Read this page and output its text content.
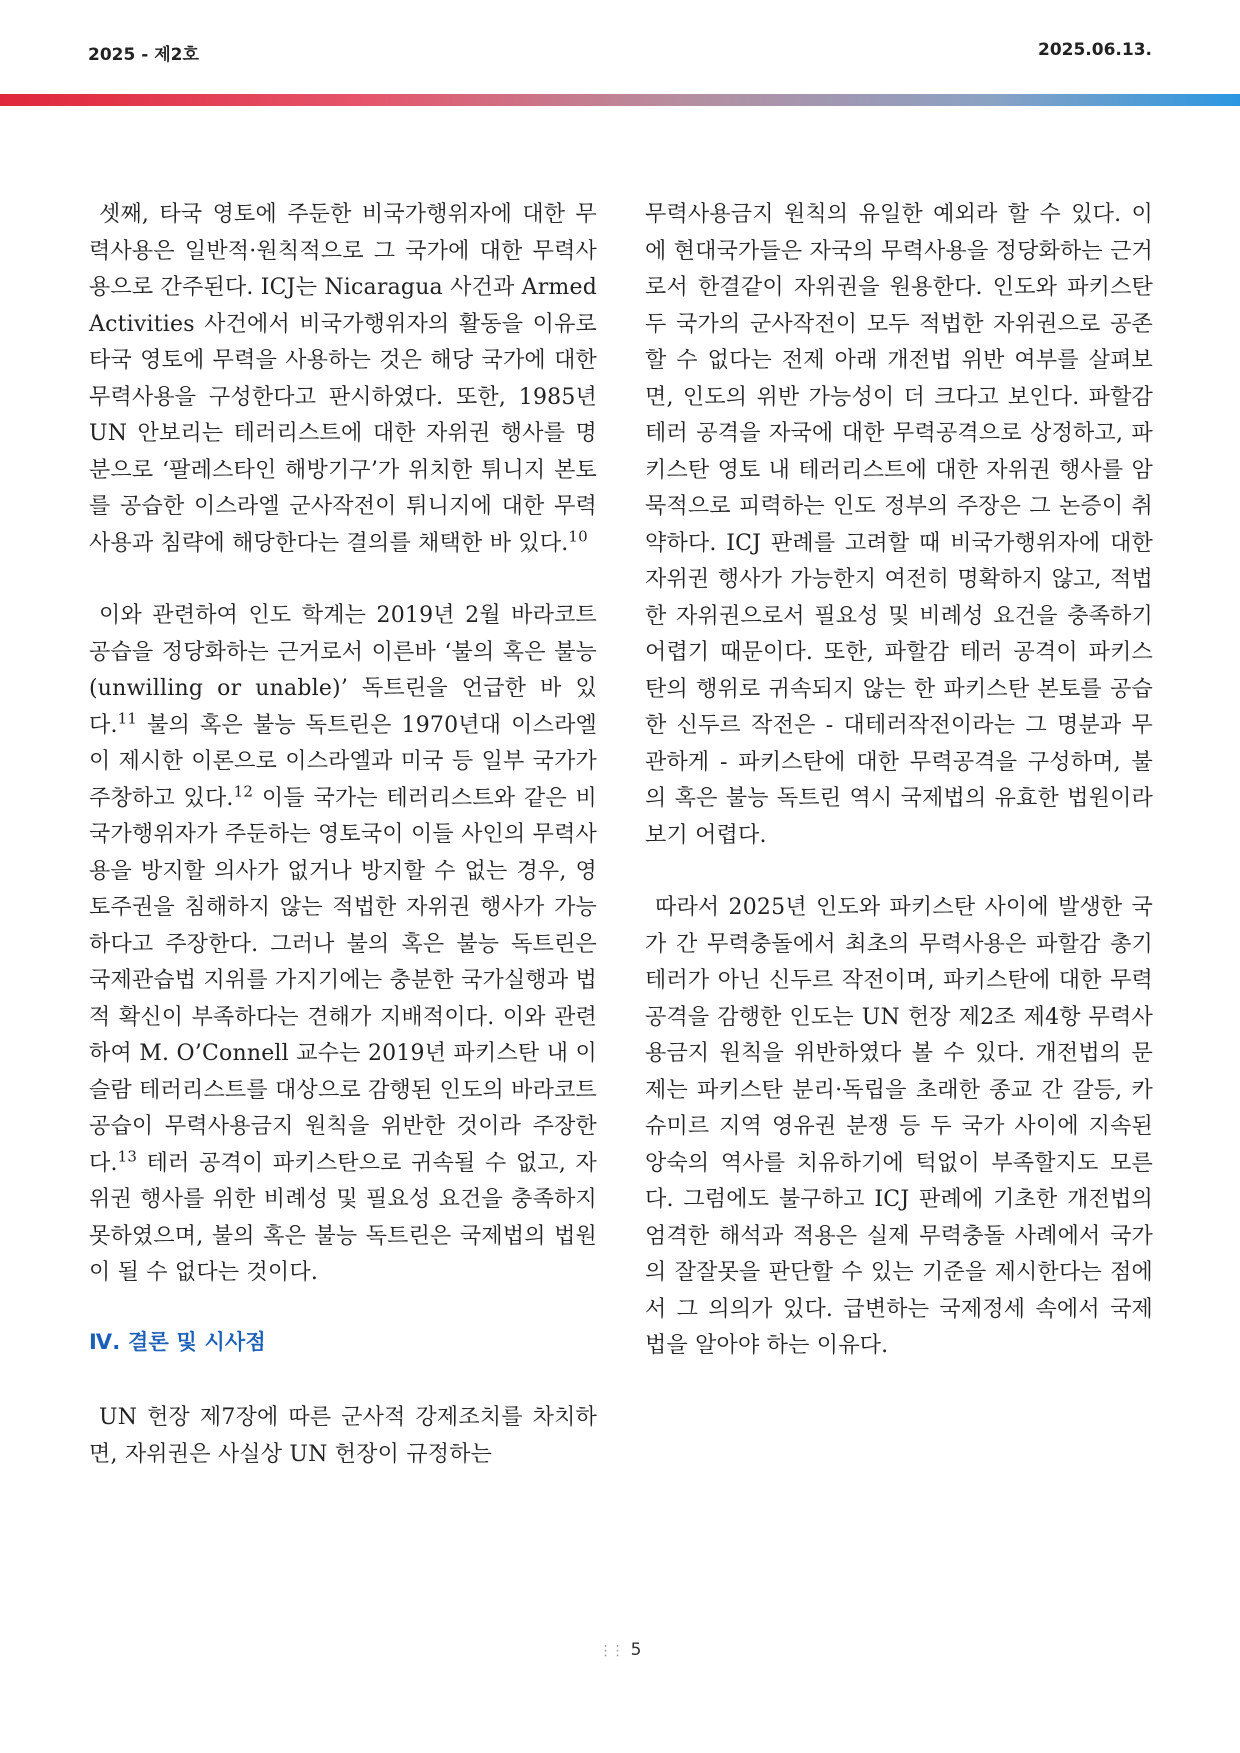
2025 - 제2호	2025.06.13.

셋째, 타국 영토에 주둔한 비국가행위자에 대한 무력사용은 일반적·원칙적으로 그 국가에 대한 무력사용으로 간주된다. ICJ는 Nicaragua 사건과 Armed Activities 사건에서 비국가행위자의 활동을 이유로 타국 영토에 무력을 사용하는 것은 해당 국가에 대한 무력사용을 구성한다고 판시하였다. 또한, 1985년 UN 안보리는 테러리스트에 대한 자위권 행사를 명분으로 ‘팔레스타인 해방기구’가 위치한 튀니지 본토를 공습한 이스라엘 군사작전이 튀니지에 대한 무력사용과 침략에 해당한다는 결의를 채택한 바 있다.$^{10}$

이와 관련하여 인도 학계는 2019년 2월 바라코트 공습을 정당화하는 근거로서 이른바 ‘불의 혹은 불능(unwilling or unable)’ 독트린을 언급한 바 있다.$^{11}$ 불의 혹은 불능 독트린은 1970년대 이스라엘이 제시한 이론으로 이스라엘과 미국 등 일부 국가가 주창하고 있다.$^{12}$ 이들 국가는 테러리스트와 같은 비국가행위자가 주둔하는 영토국이 이들 사인의 무력사용을 방지할 의사가 없거나 방지할 수 없는 경우, 영토주권을 침해하지 않는 적법한 자위권 행사가 가능하다고 주장한다. 그러나 불의 혹은 불능 독트린은 국제관습법 지위를 가지기에는 충분한 국가실행과 법적 확신이 부족하다는 견해가 지배적이다. 이와 관련하여 M. O’Connell 교수는 2019년 파키스탄 내 이슬람 테러리스트를 대상으로 감행된 인도의 바라코트 공습이 무력사용금지 원칙을 위반한 것이라 주장한다.$^{13}$ 테러 공격이 파키스탄으로 귀속될 수 없고, 자위권 행사를 위한 비례성 및 필요성 요건을 충족하지 못하였으며, 불의 혹은 불능 독트린은 국제법의 법원이 될 수 없다는 것이다.

Ⅳ. 결론 및 시사점

UN 헌장 제7장에 따른 군사적 강제조치를 차치하면, 자위권은 사실상 UN 헌장이 규정하는

무력사용금지 원칙의 유일한 예외라 할 수 있다. 이에 현대국가들은 자국의 무력사용을 정당화하는 근거로서 한결같이 자위권을 원용한다. 인도와 파키스탄 두 국가의 군사작전이 모두 적법한 자위권으로 공존할 수 없다는 전제 아래 개전법 위반 여부를 살펴보면, 인도의 위반 가능성이 더 크다고 보인다. 파할감 테러 공격을 자국에 대한 무력공격으로 상정하고, 파키스탄 영토 내 테러리스트에 대한 자위권 행사를 암묵적으로 피력하는 인도 정부의 주장은 그 논증이 취약하다. ICJ 판례를 고려할 때 비국가행위자에 대한 자위권 행사가 가능한지 여전히 명확하지 않고, 적법한 자위권으로서 필요성 및 비례성 요건을 충족하기 어렵기 때문이다. 또한, 파할감 테러 공격이 파키스탄의 행위로 귀속되지 않는 한 파키스탄 본토를 공습한 신두르 작전은 - 대테러작전이라는 그 명분과 무관하게 - 파키스탄에 대한 무력공격을 구성하며, 불의 혹은 불능 독트린 역시 국제법의 유효한 법원이라 보기 어렵다.

따라서 2025년 인도와 파키스탄 사이에 발생한 국가 간 무력충돌에서 최초의 무력사용은 파할감 총기 테러가 아닌 신두르 작전이며, 파키스탄에 대한 무력공격을 감행한 인도는 UN 헌장 제2조 제4항 무력사용금지 원칙을 위반하였다 볼 수 있다. 개전법의 문제는 파키스탄 분리·독립을 초래한 종교 간 갈등, 카슈미르 지역 영유권 분쟁 등 두 국가 사이에 지속된 앙숙의 역사를 치유하기에 턱없이 부족할지도 모른다. 그럼에도 불구하고 ICJ 판례에 기초한 개전법의 엄격한 해석과 적용은 실제 무력충돌 사례에서 국가의 잘잘못을 판단할 수 있는 기준을 제시한다는 점에서 그 의의가 있다. 급변하는 국제정세 속에서 국제법을 알아야 하는 이유다.

⋮⋮ 5
